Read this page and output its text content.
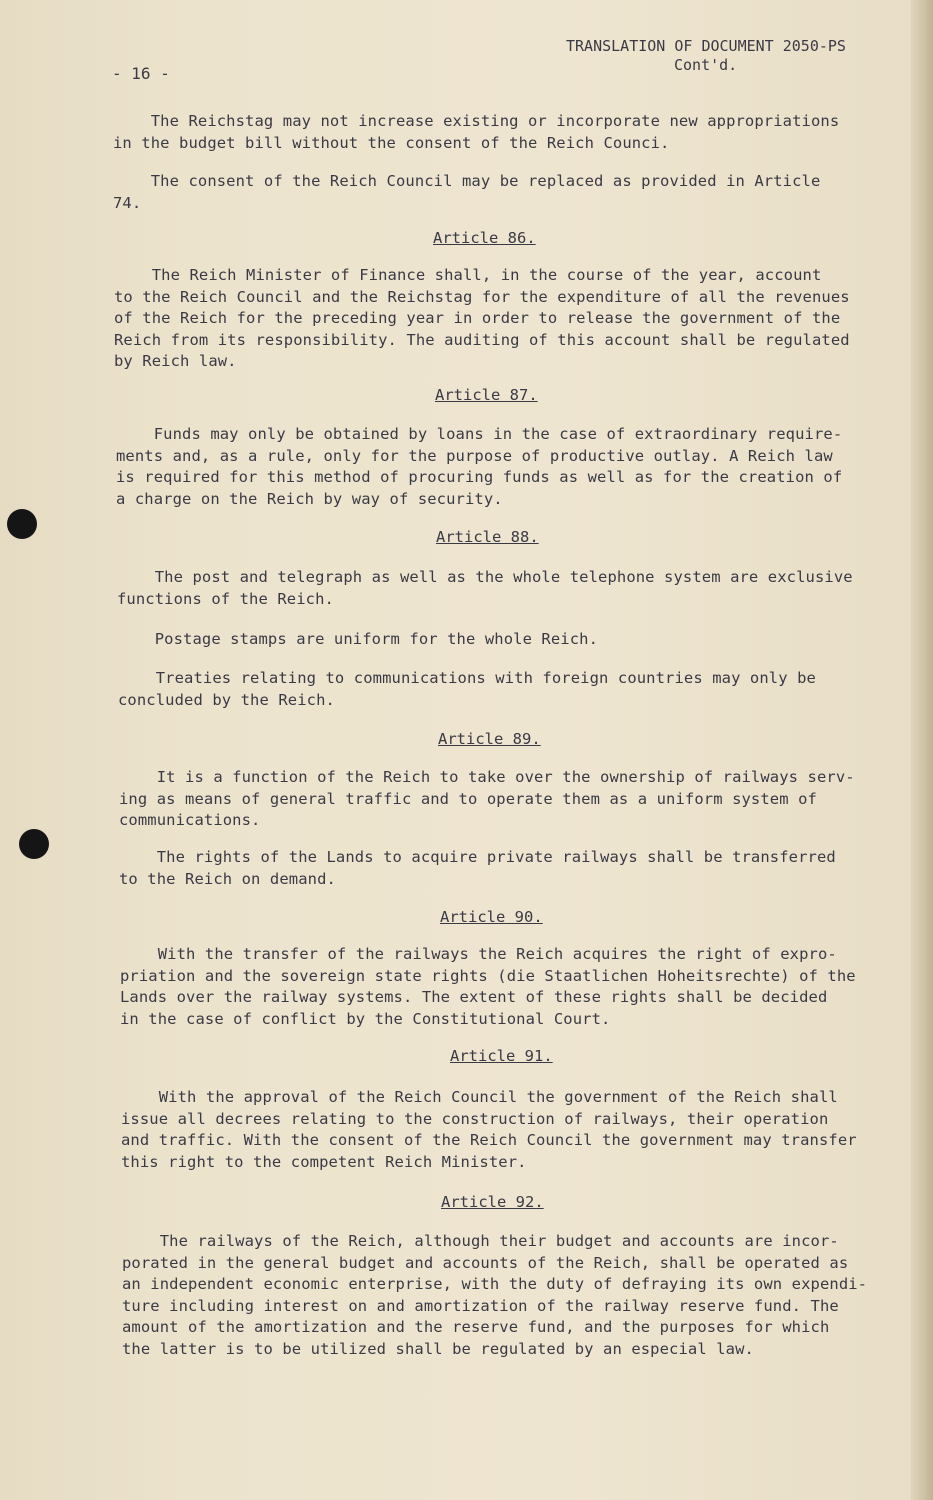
- 16 -
TRANSLATION OF DOCUMENT 2050-PS
Cont'd.

The Reichstag may not increase existing or incorporate new appropriations
in the budget bill without the consent of the Reich Counci.

The consent of the Reich Council may be replaced as provided in Article
74.

Article 86.

The Reich Minister of Finance shall, in the course of the year, account
to the Reich Council and the Reichstag for the expenditure of all the revenues
of the Reich for the preceding year in order to release the government of the
Reich from its responsibility. The auditing of this account shall be regulated
by Reich law.

Article 87.

Funds may only be obtained by loans in the case of extraordinary require-
ments and, as a rule, only for the purpose of productive outlay. A Reich law
is required for this method of procuring funds as well as for the creation of
a charge on the Reich by way of security.

Article 88.

The post and telegraph as well as the whole telephone system are exclusive
functions of the Reich.

Postage stamps are uniform for the whole Reich.

Treaties relating to communications with foreign countries may only be
concluded by the Reich.

Article 89.

It is a function of the Reich to take over the ownership of railways serv-
ing as means of general traffic and to operate them as a uniform system of
communications.

The rights of the Lands to acquire private railways shall be transferred
to the Reich on demand.

Article 90.

With the transfer of the railways the Reich acquires the right of expro-
priation and the sovereign state rights (die Staatlichen Hoheitsrechte) of the
Lands over the railway systems. The extent of these rights shall be decided
in the case of conflict by the Constitutional Court.

Article 91.

With the approval of the Reich Council the government of the Reich shall
issue all decrees relating to the construction of railways, their operation
and traffic. With the consent of the Reich Council the government may transfer
this right to the competent Reich Minister.

Article 92.

The railways of the Reich, although their budget and accounts are incor-
porated in the general budget and accounts of the Reich, shall be operated as
an independent economic enterprise, with the duty of defraying its own expendi-
ture including interest on and amortization of the railway reserve fund. The
amount of the amortization and the reserve fund, and the purposes for which
the latter is to be utilized shall be regulated by an especial law.
